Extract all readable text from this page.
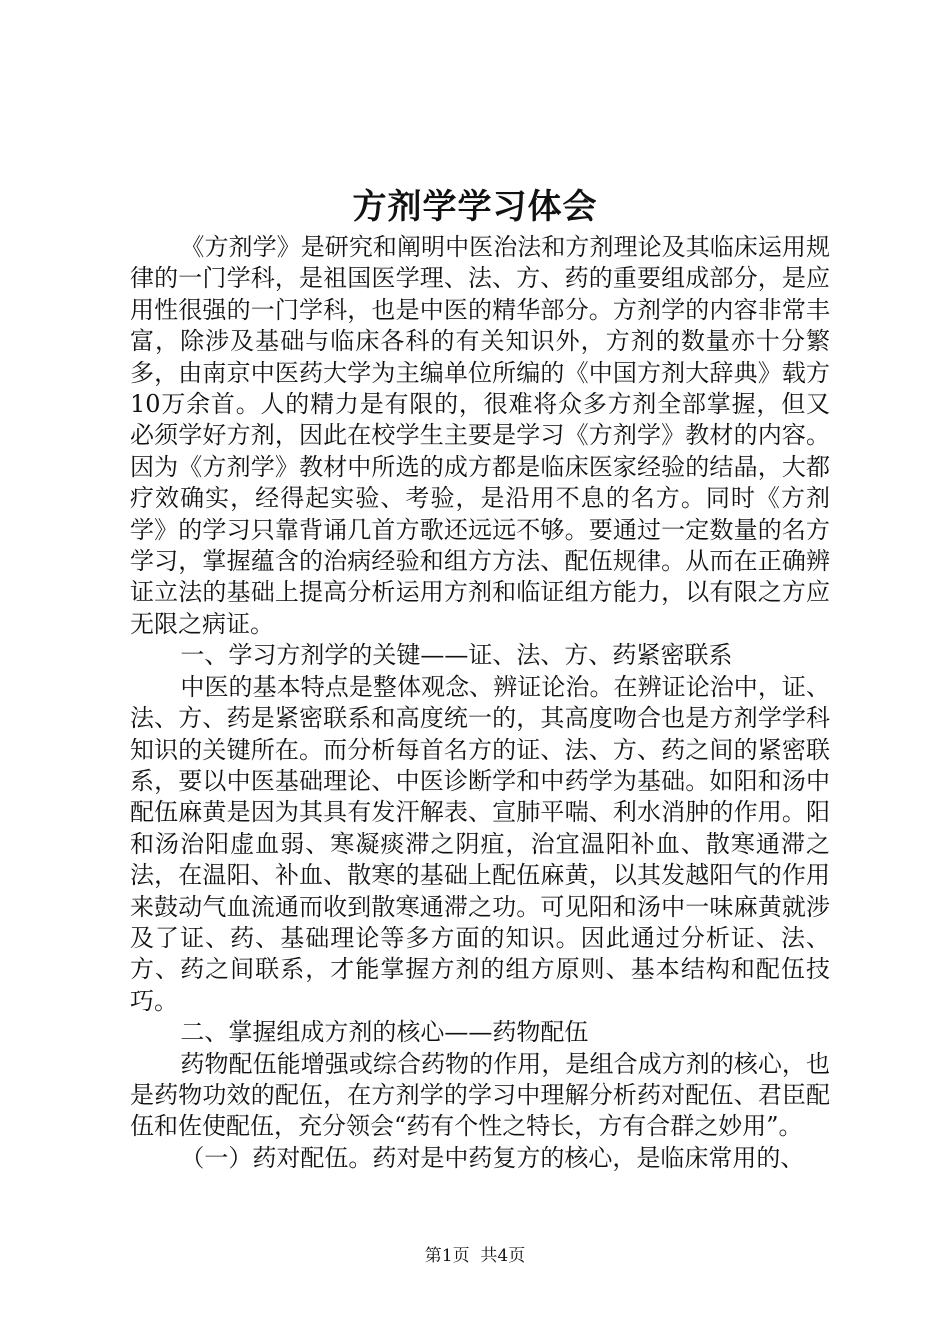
方剂学学习体会

《方剂学》是研究和阐明中医治法和方剂理论及其临床运用规律的一门学科，是祖国医学理、法、方、药的重要组成部分，是应用性很强的一门学科，也是中医的精华部分。方剂学的内容非常丰富，除涉及基础与临床各科的有关知识外，方剂的数量亦十分繁多，由南京中医药大学为主编单位所编的《中国方剂大辞典》载方10万余首。人的精力是有限的，很难将众多方剂全部掌握，但又必须学好方剂，因此在校学生主要是学习《方剂学》教材的内容。因为《方剂学》教材中所选的成方都是临床医家经验的结晶，大都疗效确实，经得起实验、考验，是沿用不息的名方。同时《方剂学》的学习只靠背诵几首方歌还远远不够。要通过一定数量的名方学习，掌握蕴含的治病经验和组方方法、配伍规律。从而在正确辨证立法的基础上提高分析运用方剂和临证组方能力，以有限之方应无限之病证。

一、学习方剂学的关键——证、法、方、药紧密联系

中医的基本特点是整体观念、辨证论治。在辨证论治中，证、法、方、药是紧密联系和高度统一的，其高度吻合也是方剂学学科知识的关键所在。而分析每首名方的证、法、方、药之间的紧密联系，要以中医基础理论、中医诊断学和中药学为基础。如阳和汤中配伍麻黄是因为其具有发汗解表、宣肺平喘、利水消肿的作用。阳和汤治阳虚血弱、寒凝痰滞之阴疽，治宜温阳补血、散寒通滞之法，在温阳、补血、散寒的基础上配伍麻黄，以其发越阳气的作用来鼓动气血流通而收到散寒通滞之功。可见阳和汤中一味麻黄就涉及了证、药、基础理论等多方面的知识。因此通过分析证、法、方、药之间联系，才能掌握方剂的组方原则、基本结构和配伍技巧。

二、掌握组成方剂的核心——药物配伍

药物配伍能增强或综合药物的作用，是组合成方剂的核心，也是药物功效的配伍，在方剂学的学习中理解分析药对配伍、君臣配伍和佐使配伍，充分领会“药有个性之特长，方有合群之妙用”。

（一）药对配伍。药对是中药复方的核心，是临床常用的、

第1页  共4页
